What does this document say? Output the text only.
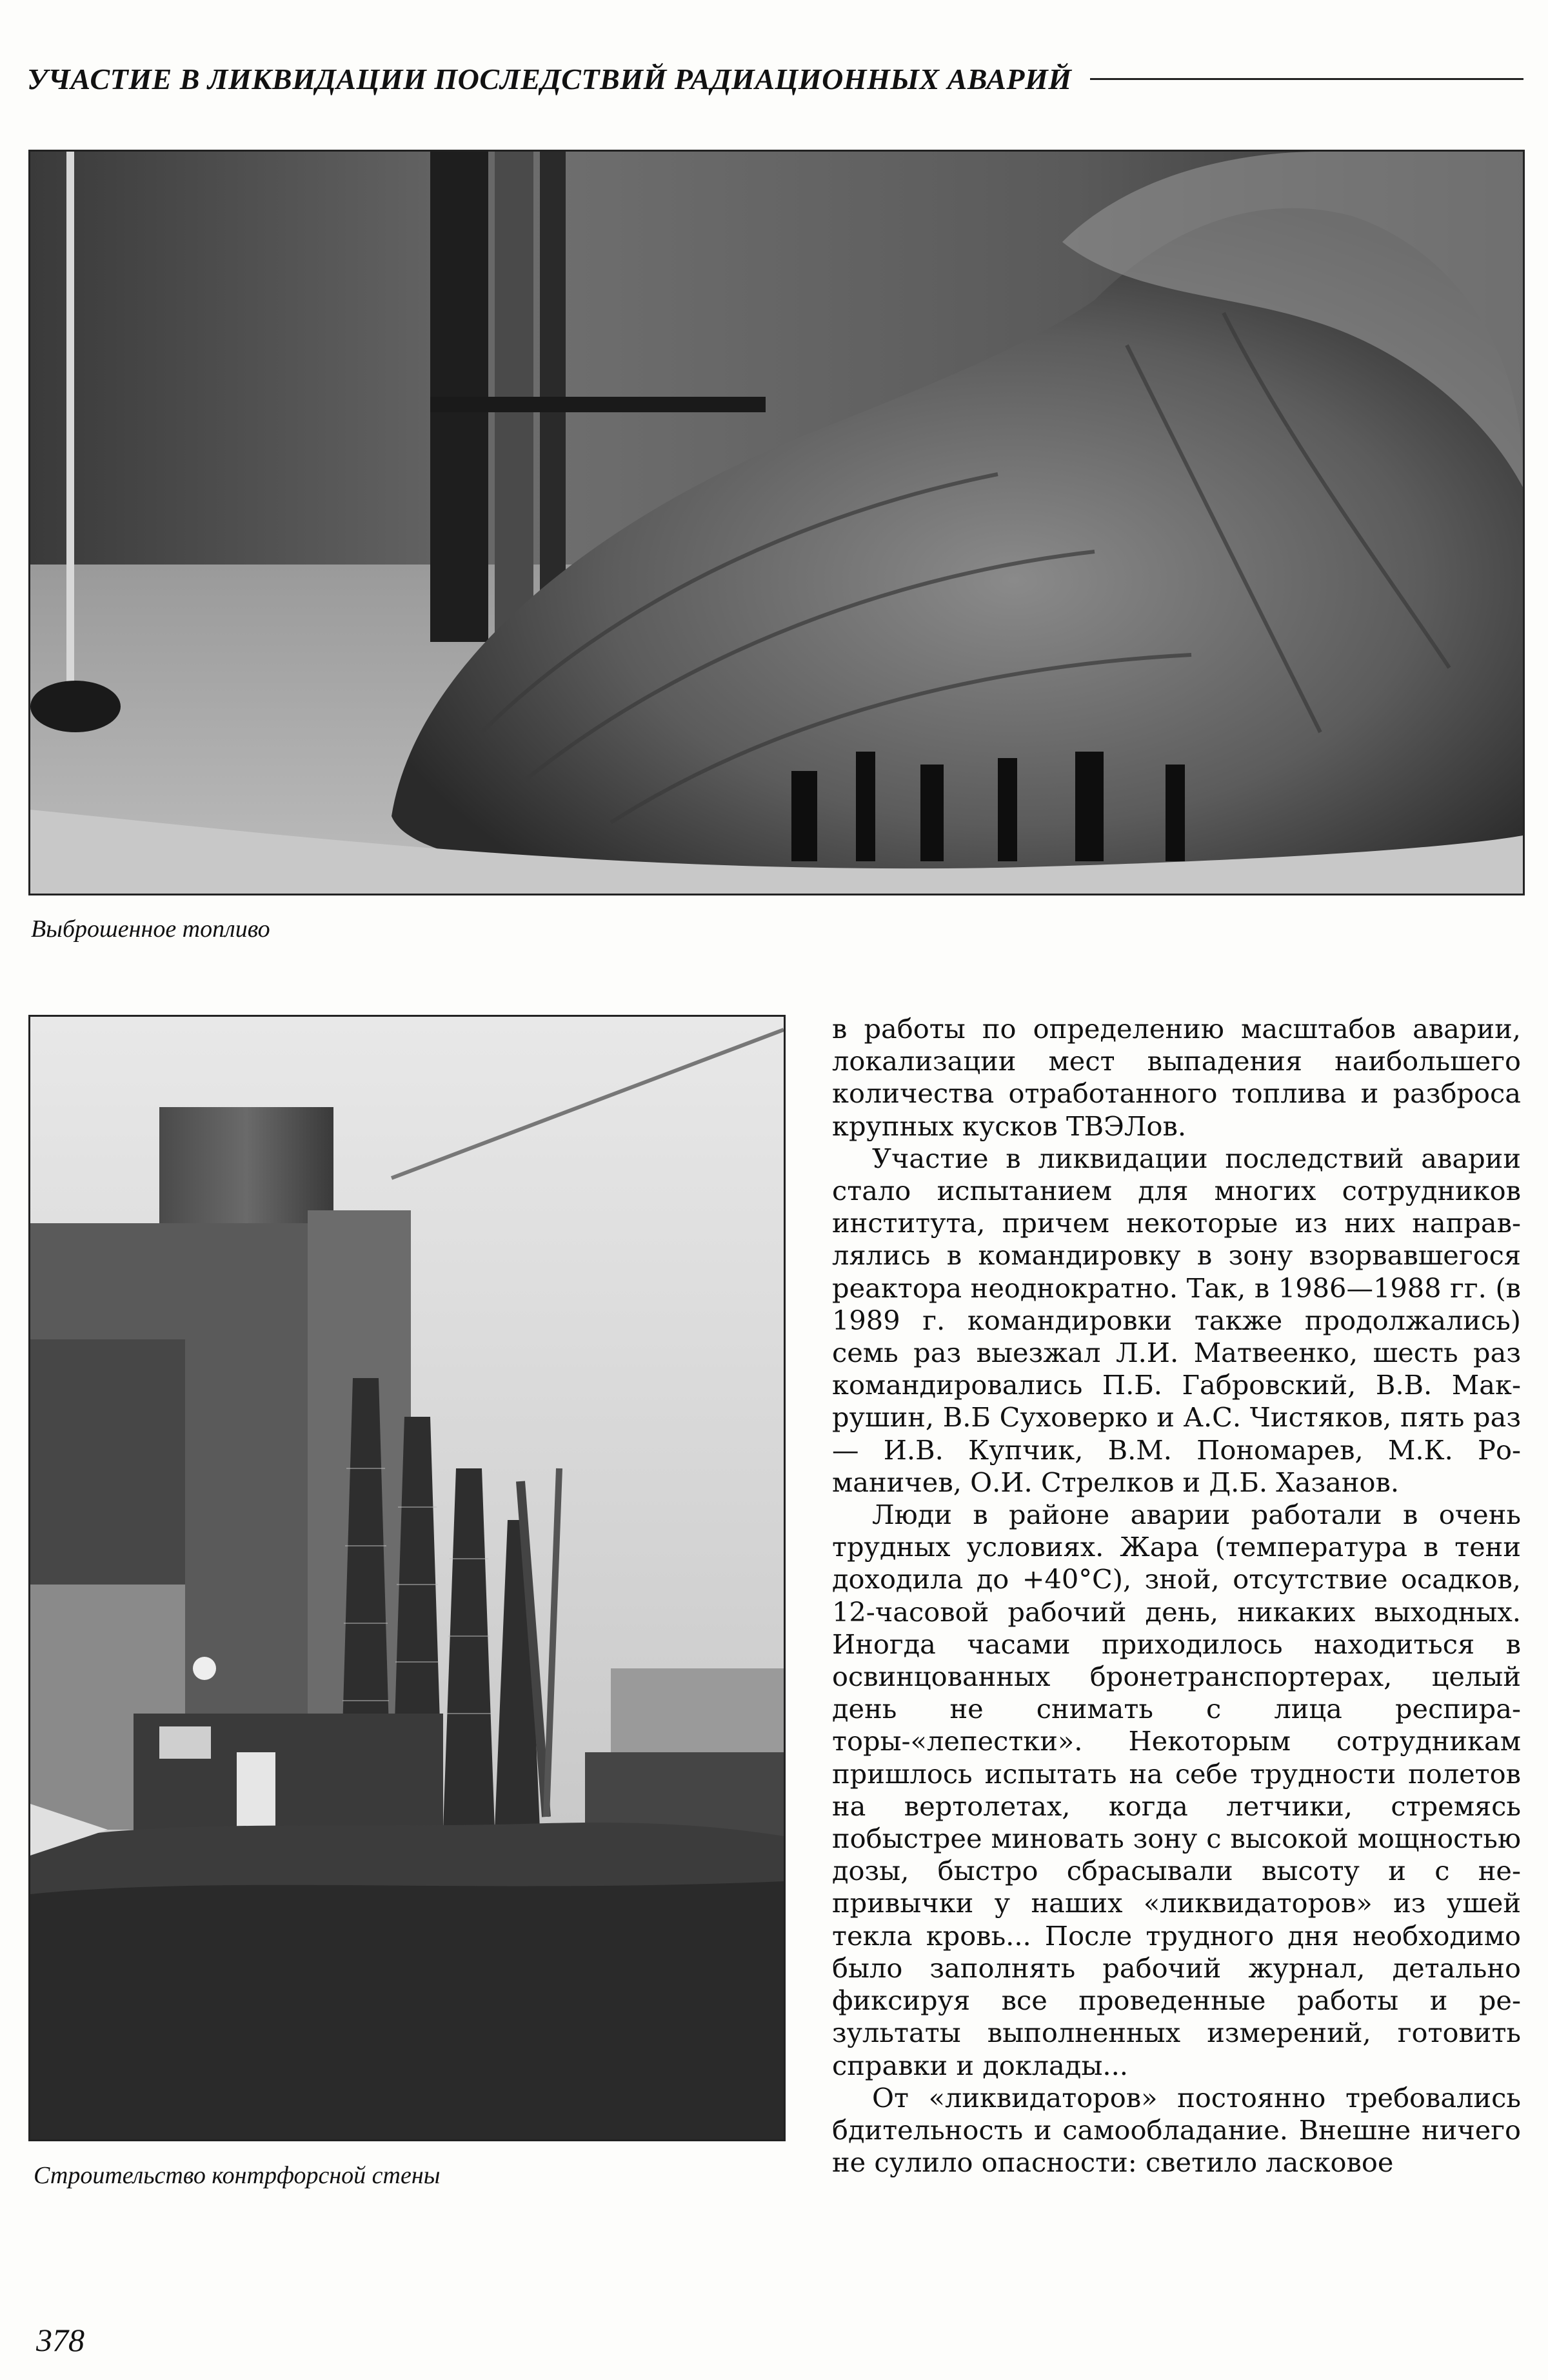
УЧАСТИЕ В ЛИКВИДАЦИИ ПОСЛЕДСТВИЙ РАДИАЦИОННЫХ АВАРИЙ
Выброшенное топливо
Строительство контрфорсной стены

в работы по определению масштабов аварии, локализации мест выпадения наибольшего количества отработанного топлива и разброса крупных кусков ТВЭЛов.

Участие в ликвидации последствий аварии стало испытанием для многих сотрудников института, причем некоторые из них направлялись в командировку в зону взорвавшегося реактора неоднократно. Так, в 1986—1988 гг. (в 1989 г. командировки также продолжались) семь раз выезжал Л.И. Матвеенко, шесть раз командировались П.Б. Габровский, В.В. Макрушин, В.Б Суховерко и А.С. Чистяков, пять раз — И.В. Купчик, В.М. Пономарев, М.К. Романичев, О.И. Стрелков и Д.Б. Хазанов.

Люди в районе аварии работали в очень трудных условиях. Жара (температура в тени доходила до +40°С), зной, отсутствие осадков, 12-часовой рабочий день, никаких выходных. Иногда часами приходилось находиться в освинцованных бронетранспортерах, целый день не снимать с лица респираторы-«лепестки». Некоторым сотрудникам пришлось испытать на себе трудности полетов на вертолетах, когда летчики, стремясь побыстрее миновать зону с высокой мощностью дозы, быстро сбрасывали высоту и с непривычки у наших «ликвидаторов» из ушей текла кровь... После трудного дня необходимо было заполнять рабочий журнал, детально фиксируя все проведенные работы и результаты выполненных измерений, готовить справки и доклады...

От «ликвидаторов» постоянно требовались бдительность и самообладание. Внешне ничего не сулило опасности: светило ласковое

378
